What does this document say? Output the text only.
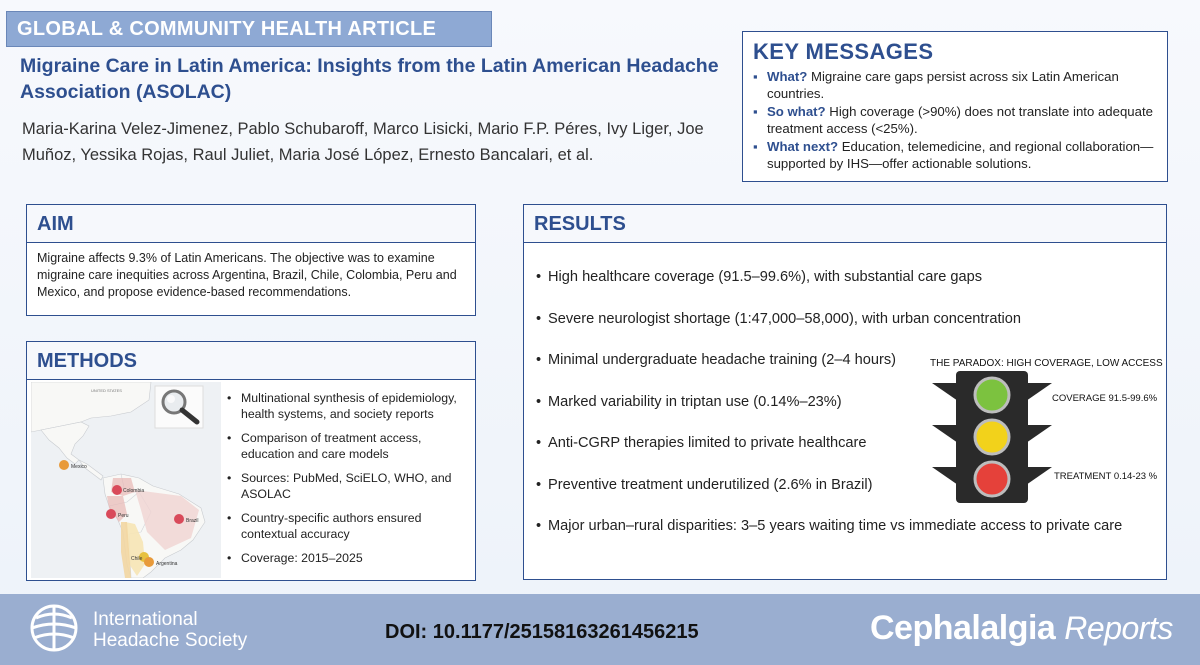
GLOBAL & COMMUNITY HEALTH ARTICLE
Migraine Care in Latin America: Insights from the Latin American Headache Association (ASOLAC)
Maria-Karina Velez-Jimenez, Pablo Schubaroff, Marco Lisicki, Mario F.P. Péres, Ivy Liger, Joe Muñoz, Yessika Rojas, Raul Juliet, Maria José López, Ernesto Bancalari, et al.
KEY MESSAGES
▪ What? Migraine care gaps persist across six Latin American countries.
▪ So what? High coverage (>90%) does not translate into adequate treatment access (<25%).
▪ What next? Education, telemedicine, and regional collaboration—supported by IHS—offer actionable solutions.
AIM

Migraine affects 9.3% of Latin Americans. The objective was to examine migraine care inequities across Argentina, Brazil, Chile, Colombia, Peru and Mexico, and propose evidence-based recommendations.

METHODS
UNITED STATES
Mexico
Colombia
Peru
Brazil
Chile
Argentina
• Multinational synthesis of epidemiology, health systems, and society reports
• Comparison of treatment access, education and care models
• Sources: PubMed, SciELO, WHO, and ASOLAC
• Country-specific authors ensured contextual accuracy
• Coverage: 2015–2025
RESULTS
• High healthcare coverage (91.5–99.6%), with substantial care gaps
• Severe neurologist shortage (1:47,000–58,000), with urban concentration
• Minimal undergraduate headache training (2–4 hours)
• Marked variability in triptan use (0.14%–23%)
• Anti-CGRP therapies limited to private healthcare
• Preventive treatment underutilized (2.6% in Brazil)
• Major urban–rural disparities: 3–5 years waiting time vs immediate access to private care
THE PARADOX: HIGH COVERAGE, LOW ACCESS
COVERAGE 91.5-99.6%
TREATMENT 0.14-23 %
International
Headache Society	DOI: 10.1177/25158163261456215	Cephalalgia Reports
